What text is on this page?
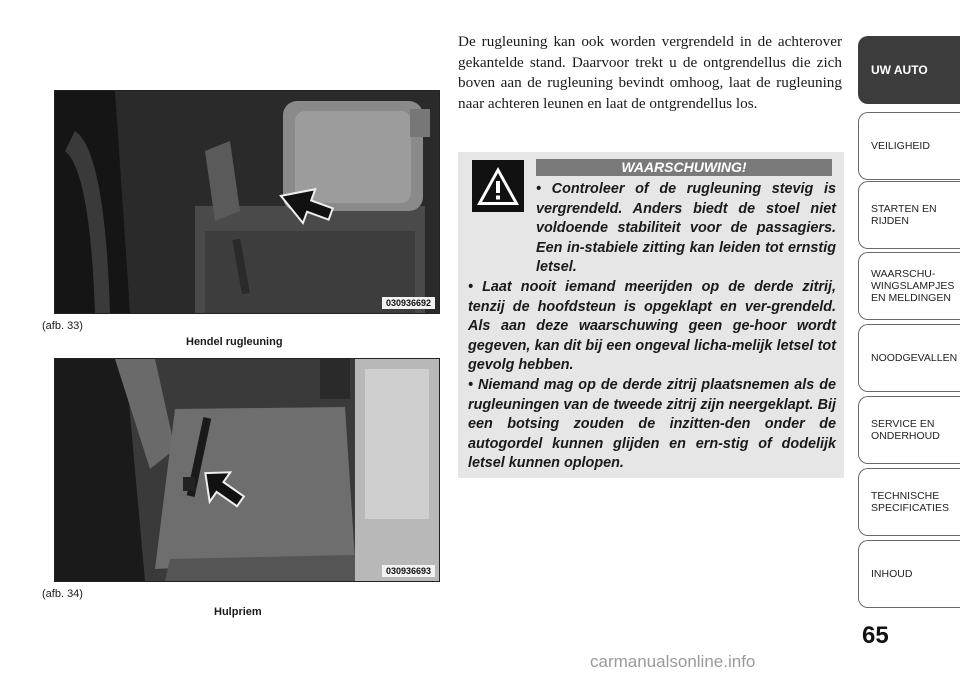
030936692
(afb. 33)
Hendel rugleuning
030936693
(afb. 34)
Hulpriem

De rugleuning kan ook worden vergrendeld in de achterover gekantelde stand. Daarvoor trekt u de ontgrendellus die zich boven aan de rugleuning bevindt omhoog, laat de rugleuning naar achteren leunen en laat de ontgrendellus los.

WAARSCHUWING!
• Controleer of de rugleuning stevig is vergrendeld. Anders biedt de stoel niet voldoende stabiliteit voor de passagiers. Een in-stabiele zitting kan leiden tot ernstig letsel.
• Laat nooit iemand meerijden op de derde zitrij, tenzij de hoofdsteun is opgeklapt en ver-grendeld. Als aan deze waarschuwing geen ge-hoor wordt gegeven, kan dit bij een ongeval licha-melijk letsel tot gevolg hebben.
• Niemand mag op de derde zitrij plaatsnemen als de rugleuningen van de tweede zitrij zijn neergeklapt. Bij een botsing zouden de inzitten-den onder de autogordel kunnen glijden en ern-stig of dodelijk letsel kunnen oplopen.
UW AUTO
VEILIGHEID
STARTEN EN
RIJDEN
WAARSCHU-
WINGSLAMPJES
EN MELDINGEN
NOODGEVALLEN
SERVICE EN
ONDERHOUD
TECHNISCHE
SPECIFICATIES
INHOUD
65
carmanualsonline.info
